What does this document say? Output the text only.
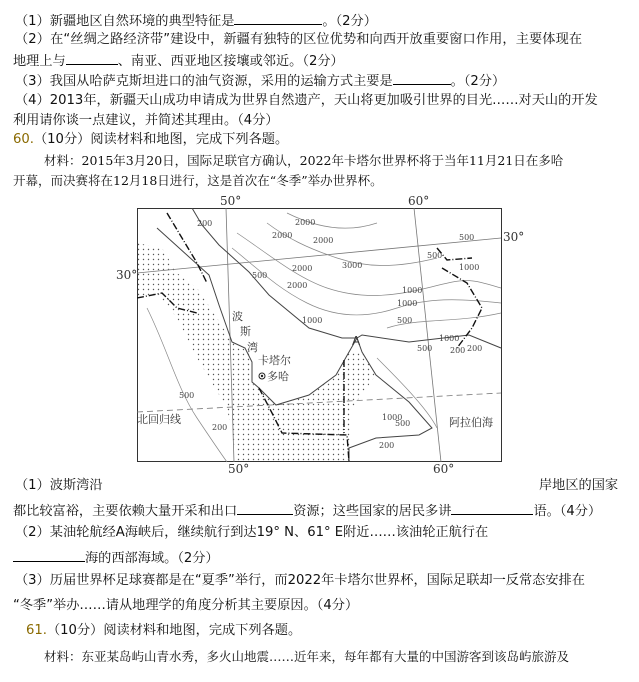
（1）新疆地区自然环境的典型特征是	。（2分）
（2）在“丝绸之路经济带”建设中，新疆有独特的区位优势和向西开放重要窗口作用，主要体现在
地理上与	、南亚、西亚地区接壤或邻近。（2分）
（3）我国从哈萨克斯坦进口的油气资源，采用的运输方式主要是	。（2分）
（4）2013年，新疆天山成功申请成为世界自然遗产，天山将更加吸引世界的目光……对天山的开发
利用请你谈一点建议，并简述其理由。（4分）
60.（10分）阅读材料和地图，完成下列各题。
材料：2015年3月20日，国际足联官方确认，2022年卡塔尔世界杯将于当年11月21日在多哈
开幕，而决赛将在12月18日进行，这是首次在“冬季”举办世界杯。
50°	60°
30°
30°
50°	60°
200	2000
2000
2000
2000
2000
3000
500
1000
1000
1000
500
500
1000
1000
500 200
500
200
1000
500
200
500
200
波
斯
湾
卡塔尔
多哈
A
北回归线	阿拉伯海
（1）波斯湾沿	岸地区的国家
都比较富裕，主要依赖大量开采和出口	资源；这些国家的居民多讲	语。（4分）
（2）某油轮航经A海峡后，继续航行到达19° N、61° E附近……该油轮正航行在
海的西部海域。（2分）
（3）历届世界杯足球赛都是在“夏季”举行，而2022年卡塔尔世界杯，国际足联却一反常态安排在
“冬季”举办……请从地理学的角度分析其主要原因。（4分）
61.（10分）阅读材料和地图，完成下列各题。
材料：东亚某岛屿山青水秀，多火山地震……近年来，每年都有大量的中国游客到该岛屿旅游及
